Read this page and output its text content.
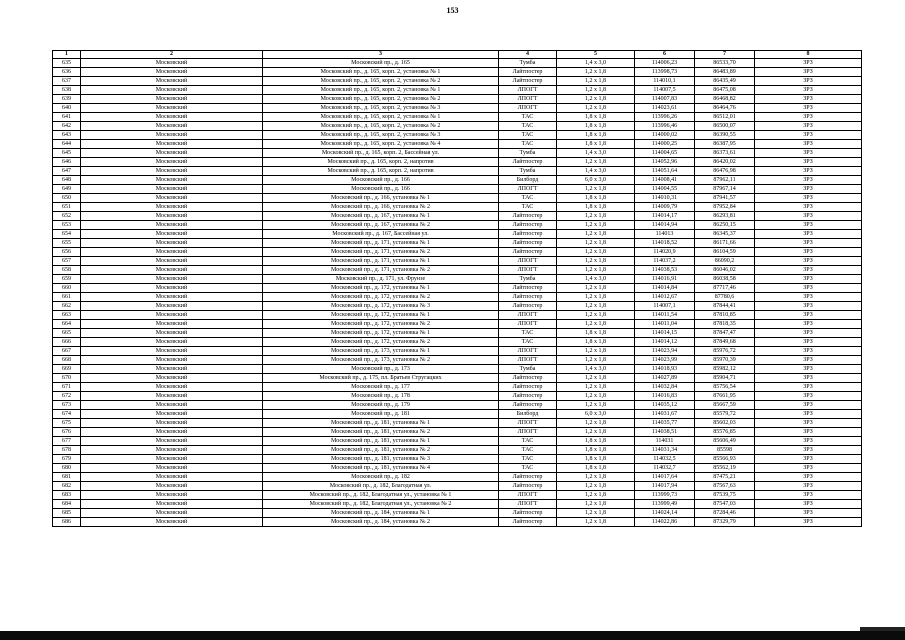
153
1	2	3	4	5	6	7	8
635	Московский	Московский пр., д. 165	Тумба	1,4 x 3,0	114006,23	86533,70	ЗРЗ
636	Московский	Московский пр., д. 165, корп. 2, установка № 1	Лайтпостер	1,2 x 1,8	113998,73	86483,89	ЗРЗ
637	Московский	Московский пр., д. 165, корп. 2, установка № 2	Лайтпостер	1,2 x 1,8	114010,1	86435,49	ЗРЗ
638	Московский	Московский пр., д. 165, корп. 2, установка № 1	ЛПОГТ	1,2 x 1,8	114007,5	86475,08	ЗРЗ
639	Московский	Московский пр., д. 165, корп. 2, установка № 2	ЛПОГТ	1,2 x 1,8	114007,83	86468,82	ЗРЗ
640	Московский	Московский пр., д. 165, корп. 2, установка № 3	ЛПОГТ	1,2 x 1,8	114023,61	86464,76	ЗРЗ
641	Московский	Московский пр., д. 165, корп. 2, установка № 1	ТАС	1,8 x 1,8	113996,26	86512,01	ЗРЗ
642	Московский	Московский пр., д. 165, корп. 2, установка № 2	ТАС	1,8 x 1,8	113996,46	86500,07	ЗРЗ
643	Московский	Московский пр., д. 165, корп. 2, установка № 3	ТАС	1,8 x 1,8	114000,02	86390,55	ЗРЗ
644	Московский	Московский пр., д. 165, корп. 2, установка № 4	ТАС	1,8 x 1,8	114000,25	86387,95	ЗРЗ
645	Московский	Московский пр., д. 165, корп. 2, Бассейная ул.	Тумба	1,4 x 3,0	114004,65	86373,61	ЗРЗ
646	Московский	Московский пр., д. 165, корп. 2, напротив	Лайтпостер	1,2 x 1,8	114052,96	86420,02	ЗРЗ
647	Московский	Московский пр., д. 165, корп. 2, напротив	Тумба	1,4 x 3,0	114051,64	86476,98	ЗРЗ
648	Московский	Московский пр., д. 166	Билборд	6,0 x 3,0	114008,41	87962,11	ЗРЗ
649	Московский	Московский пр., д. 166	ЛПОГТ	1,2 x 1,8	114004,55	87967,14	ЗРЗ
650	Московский	Московский пр., д. 166, установка № 1	ТАС	1,8 x 1,8	114010,31	87941,57	ЗРЗ
651	Московский	Московский пр., д. 166, установка № 2	ТАС	1,8 x 1,8	114009,79	87952,84	ЗРЗ
652	Московский	Московский пр., д. 167, установка № 1	Лайтпостер	1,2 x 1,8	114014,17	86293,81	ЗРЗ
653	Московский	Московский пр., д. 167, установка № 2	Лайтпостер	1,2 x 1,8	114014,94	86250,15	ЗРЗ
654	Московский	Московский пр., д. 167, Бассейная ул.	Лайтпостер	1,2 x 1,8	114013	86345,37	ЗРЗ
655	Московский	Московский пр., д. 171, установка № 1	Лайтпостер	1,2 x 1,8	114018,52	86171,66	ЗРЗ
656	Московский	Московский пр., д. 171, установка № 2	Лайтпостер	1,2 x 1,8	114020,9	86104,59	ЗРЗ
657	Московский	Московский пр., д. 171, установка № 1	ЛПОГТ	1,2 x 1,8	114037,2	86090,2	ЗРЗ
658	Московский	Московский пр., д. 171, установка № 2	ЛПОГТ	1,2 x 1,8	114038,53	86046,02	ЗРЗ
659	Московский	Московский пр., д. 171, ул. Фрунзе	Тумба	1,4 x 3,0	114016,91	86038,58	ЗРЗ
660	Московский	Московский пр., д. 172, установка № 1	Лайтпостер	1,2 x 1,8	114014,84	87717,46	ЗРЗ
661	Московский	Московский пр., д. 172, установка № 2	Лайтпостер	1,2 x 1,8	114012,67	87780,6	ЗРЗ
662	Московский	Московский пр., д. 172, установка № 3	Лайтпостер	1,2 x 1,8	114007,1	87844,41	ЗРЗ
663	Московский	Московский пр., д. 172, установка № 1	ЛПОГТ	1,2 x 1,8	114011,54	87810,85	ЗРЗ
664	Московский	Московский пр., д. 172, установка № 2	ЛПОГТ	1,2 x 1,8	114011,04	87818,35	ЗРЗ
665	Московский	Московский пр., д. 172, установка № 1	ТАС	1,8 x 1,8	114014,15	87847,47	ЗРЗ
666	Московский	Московский пр., д. 172, установка № 2	ТАС	1,8 x 1,8	114014,12	87849,68	ЗРЗ
667	Московский	Московский пр., д. 173, установка № 1	ЛПОГТ	1,2 x 1,8	114023,94	85976,72	ЗРЗ
668	Московский	Московский пр., д. 173, установка № 2	ЛПОГТ	1,2 x 1,8	114023,99	85970,39	ЗРЗ
669	Московский	Московский пр., д. 173	Тумба	1,4 x 3,0	114018,93	85982,12	ЗРЗ
670	Московский	Московский пр., д. 175, пл. Братьев Стругацких	Лайтпостер	1,2 x 1,8	114027,89	85904,71	ЗРЗ
671	Московский	Московский пр., д. 177	Лайтпостер	1,2 x 1,8	114032,84	85756,54	ЗРЗ
672	Московский	Московский пр., д. 178	Лайтпостер	1,2 x 1,8	114016,83	87661,95	ЗРЗ
673	Московский	Московский пр., д. 179	Лайтпостер	1,2 x 1,8	114035,12	85667,59	ЗРЗ
674	Московский	Московский пр., д. 181	Билборд	6,0 x 3,0	114031,67	85579,72	ЗРЗ
675	Московский	Московский пр., д. 181, установка № 1	ЛПОГТ	1,2 x 1,8	114035,77	85602,03	ЗРЗ
676	Московский	Московский пр., д. 181, установка № 2	ЛПОГТ	1,2 x 1,8	114038,51	85576,85	ЗРЗ
677	Московский	Московский пр., д. 181, установка № 1	ТАС	1,8 x 1,8	114031	85606,49	ЗРЗ
678	Московский	Московский пр., д. 181, установка № 2	ТАС	1,8 x 1,8	114031,34	85598	ЗРЗ
679	Московский	Московский пр., д. 181, установка № 3	ТАС	1,8 x 1,8	114032,5	85566,93	ЗРЗ
680	Московский	Московский пр., д. 181, установка № 4	ТАС	1,8 x 1,8	114032,7	85562,19	ЗРЗ
681	Московский	Московский пр., д. 182	Лайтпостер	1,2 x 1,8	114017,64	87475,21	ЗРЗ
682	Московский	Московский пр., д. 182, Благодатная ул.	Лайтпостер	1,2 x 1,8	114017,94	87567,63	ЗРЗ
683	Московский	Московский пр., д. 182, Благодатная ул., установка № 1	ЛПОГТ	1,2 x 1,8	113999,73	87539,75	ЗРЗ
684	Московский	Московский пр., д. 182, Благодатная ул., установка № 2	ЛПОГТ	1,2 x 1,8	113999,49	87547,03	ЗРЗ
685	Московский	Московский пр., д. 184, установка № 1	Лайтпостер	1,2 x 1,8	114024,14	87284,46	ЗРЗ
686	Московский	Московский пр., д. 184, установка № 2	Лайтпостер	1,2 x 1,8	114022,86	87329,79	ЗРЗ
